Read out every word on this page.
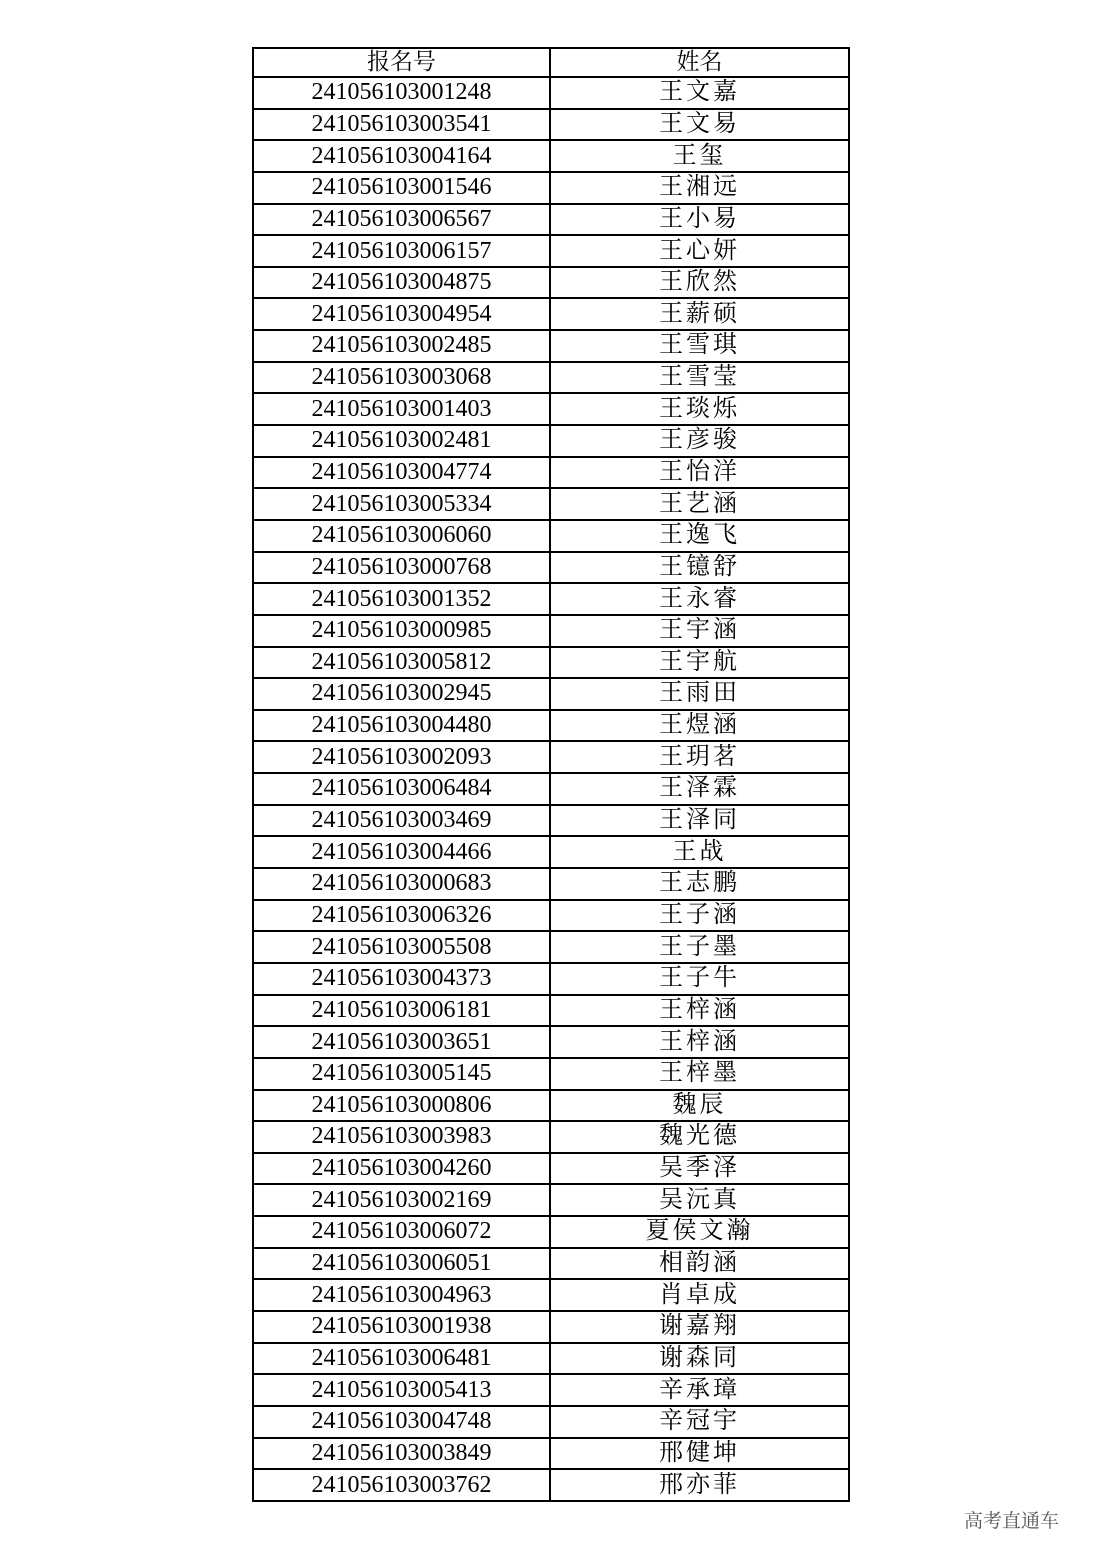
报名号	姓名
241056103001248	王文嘉
241056103003541	王文易
241056103004164	王玺
241056103001546	王湘远
241056103006567	王小易
241056103006157	王心妍
241056103004875	王欣然
241056103004954	王薪硕
241056103002485	王雪琪
241056103003068	王雪莹
241056103001403	王琰烁
241056103002481	王彦骏
241056103004774	王怡洋
241056103005334	王艺涵
241056103006060	王逸飞
241056103000768	王镱舒
241056103001352	王永睿
241056103000985	王宇涵
241056103005812	王宇航
241056103002945	王雨田
241056103004480	王煜涵
241056103002093	王玥茗
241056103006484	王泽霖
241056103003469	王泽同
241056103004466	王战
241056103000683	王志鹏
241056103006326	王子涵
241056103005508	王子墨
241056103004373	王子牛
241056103006181	王梓涵
241056103003651	王梓涵
241056103005145	王梓墨
241056103000806	魏辰
241056103003983	魏光德
241056103004260	吴季泽
241056103002169	吴沅真
241056103006072	夏侯文瀚
241056103006051	相韵涵
241056103004963	肖卓成
241056103001938	谢嘉翔
241056103006481	谢森同
241056103005413	辛承璋
241056103004748	辛冠宇
241056103003849	邢健坤
241056103003762	邢亦菲
高考直通车
